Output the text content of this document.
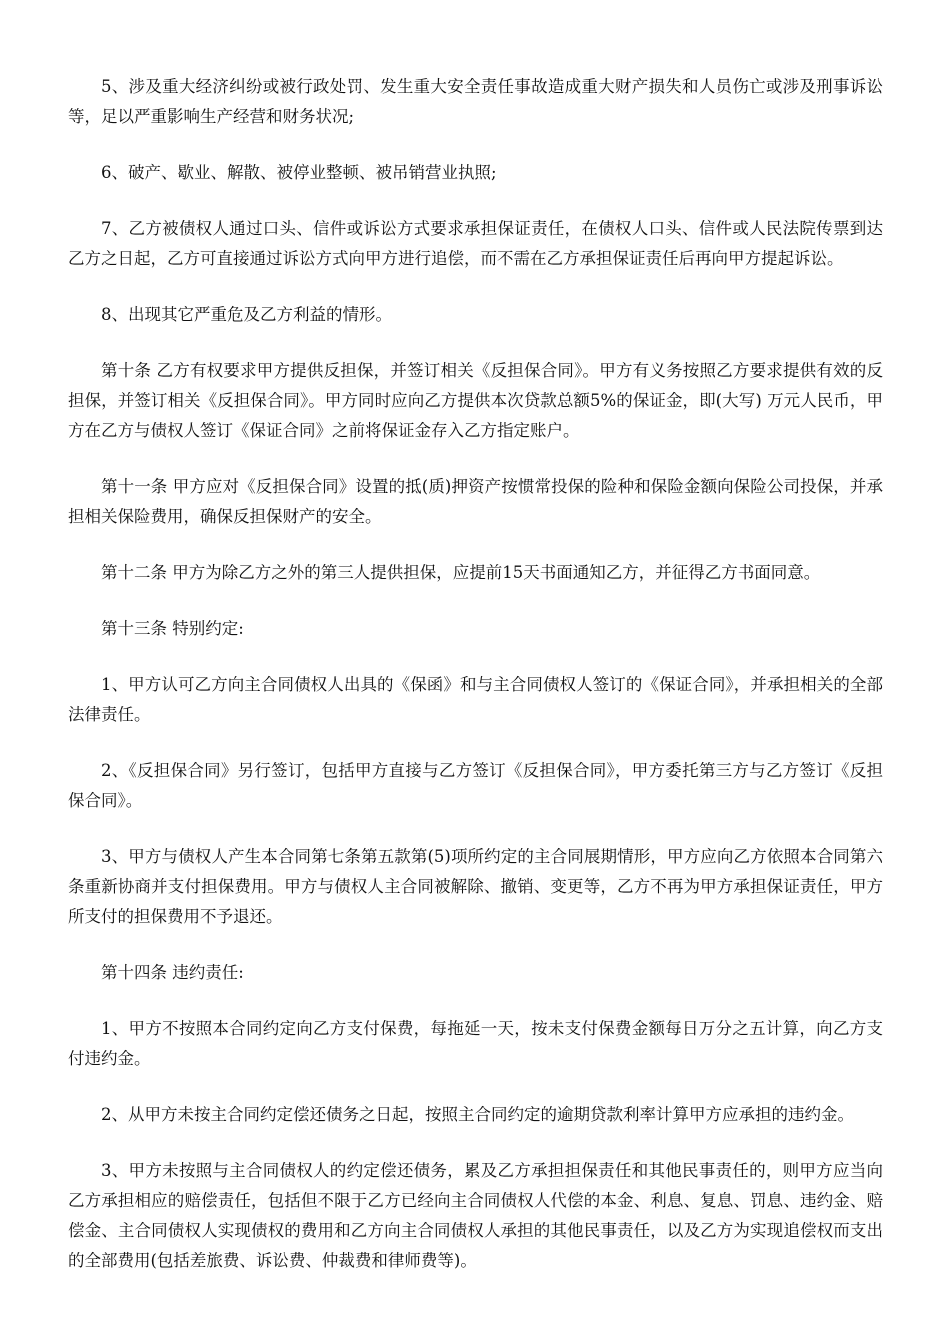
5、涉及重大经济纠纷或被行政处罚、发生重大安全责任事故造成重大财产损失和人员伤亡或涉及刑事诉讼等，足以严重影响生产经营和财务状况;

6、破产、歇业、解散、被停业整顿、被吊销营业执照;

7、乙方被债权人通过口头、信件或诉讼方式要求承担保证责任，在债权人口头、信件或人民法院传票到达乙方之日起，乙方可直接通过诉讼方式向甲方进行追偿，而不需在乙方承担保证责任后再向甲方提起诉讼。

8、出现其它严重危及乙方利益的情形。

第十条 乙方有权要求甲方提供反担保，并签订相关《反担保合同》。甲方有义务按照乙方要求提供有效的反担保，并签订相关《反担保合同》。甲方同时应向乙方提供本次贷款总额5%的保证金，即(大写) 万元人民币，甲方在乙方与债权人签订《保证合同》之前将保证金存入乙方指定账户。

第十一条 甲方应对《反担保合同》设置的抵(质)押资产按惯常投保的险种和保险金额向保险公司投保，并承担相关保险费用，确保反担保财产的安全。

第十二条 甲方为除乙方之外的第三人提供担保，应提前15天书面通知乙方，并征得乙方书面同意。

第十三条 特别约定:

1、甲方认可乙方向主合同债权人出具的《保函》和与主合同债权人签订的《保证合同》，并承担相关的全部法律责任。

2、《反担保合同》另行签订，包括甲方直接与乙方签订《反担保合同》，甲方委托第三方与乙方签订《反担保合同》。

3、甲方与债权人产生本合同第七条第五款第(5)项所约定的主合同展期情形，甲方应向乙方依照本合同第六条重新协商并支付担保费用。甲方与债权人主合同被解除、撤销、变更等，乙方不再为甲方承担保证责任，甲方所支付的担保费用不予退还。

第十四条 违约责任:

1、甲方不按照本合同约定向乙方支付保费，每拖延一天，按未支付保费金额每日万分之五计算，向乙方支付违约金。

2、从甲方未按主合同约定偿还债务之日起，按照主合同约定的逾期贷款利率计算甲方应承担的违约金。

3、甲方未按照与主合同债权人的约定偿还债务，累及乙方承担担保责任和其他民事责任的，则甲方应当向乙方承担相应的赔偿责任，包括但不限于乙方已经向主合同债权人代偿的本金、利息、复息、罚息、违约金、赔偿金、主合同债权人实现债权的费用和乙方向主合同债权人承担的其他民事责任，以及乙方为实现追偿权而支出的全部费用(包括差旅费、诉讼费、仲裁费和律师费等)。
